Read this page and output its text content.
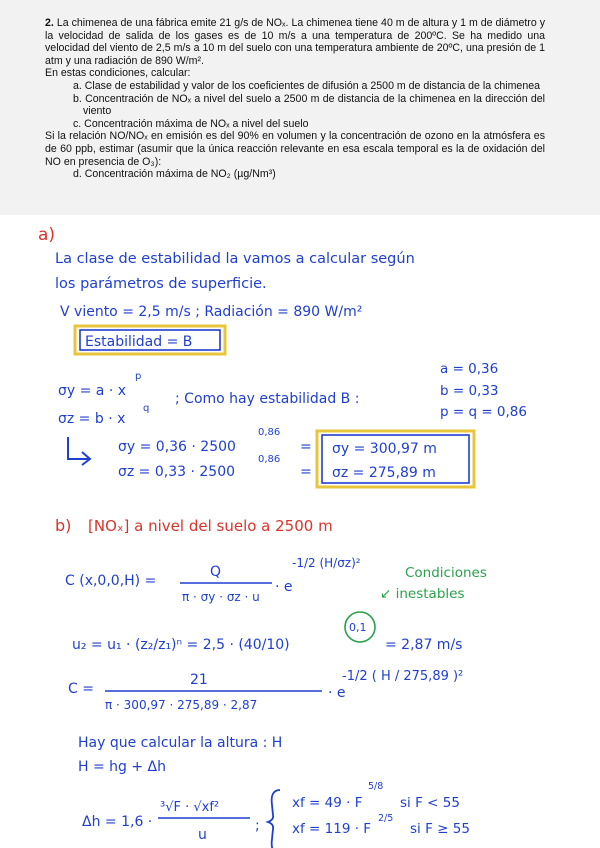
2. La chimenea de una fábrica emite 21 g/s de NOₓ. La chimenea tiene 40 m de altura y 1 m de diámetro y la velocidad de salida de los gases es de 10 m/s a una temperatura de 200ºC. Se ha medido una velocidad del viento de 2,5 m/s a 10 m del suelo con una temperatura ambiente de 20ºC, una presión de 1 atm y una radiación de 890 W/m².

En estas condiciones, calcular:

a. Clase de estabilidad y valor de los coeficientes de difusión a 2500 m de distancia de la chimenea

b. Concentración de NOₓ a nivel del suelo a 2500 m de distancia de la chimenea en la dirección del viento

c. Concentración máxima de NOₓ a nivel del suelo

Si la relación NO/NOₓ en emisión es del 90% en volumen y la concentración de ozono en la atmósfera es de 60 ppb, estimar (asumir que la única reacción relevante en esa escala temporal es la de oxidación del NO en presencia de O₃):

d. Concentración máxima de NO₂ (µg/Nm³)

a)
La clase de estabilidad la vamos a calcular según
los parámetros de superficie.
V viento = 2,5 m/s ; Radiación = 890 W/m²
Estabilidad = B
σy = a · x
p
σz = b · x
q
; Como hay estabilidad B :
a = 0,36
b = 0,33
p = q = 0,86
σy = 0,36 · 2500
0,86
σz = 0,33 · 2500
0,86
=
=
σy = 300,97 m
σz = 275,89 m
b) [NOₓ] a nivel del suelo a 2500 m
C (x,0,0,H) =
Q
π · σy · σz · u
· e
-1/2 (H/σz)²
Condiciones
↙ inestables
u₂ = u₁ · (z₂/z₁)ⁿ = 2,5 · (40/10)
0,1
= 2,87 m/s
C =
21
π · 300,97 · 275,89 · 2,87
· e
-1/2 ( H / 275,89 )²
Hay que calcular la altura : H
H = hg + Δh
Δh = 1,6 ·
³√F · √xf²
u
;
xf = 49 · F
5/8
si F < 55
xf = 119 · F
2/5
si F ≥ 55
